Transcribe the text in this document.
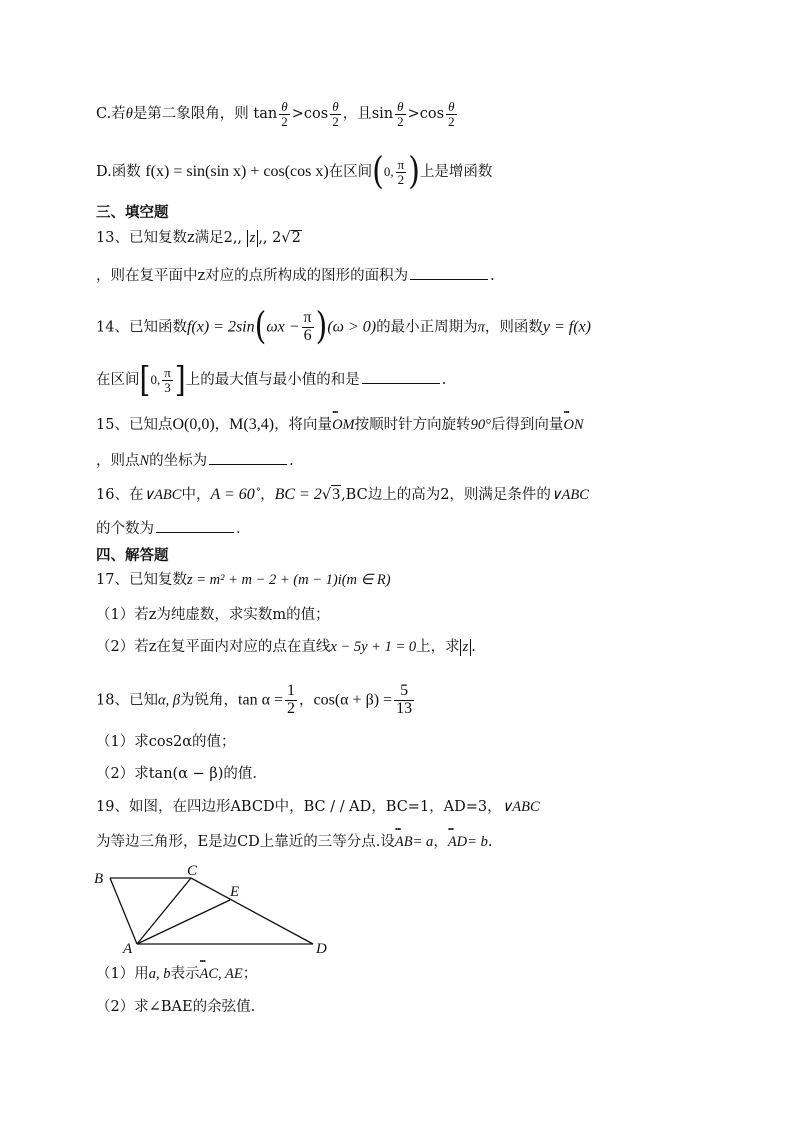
C.若θ是第二象限角，则 $\tan \frac{\theta}{2} >\cos \frac{\theta}{2}$ ，且$\sin \frac{\theta}{2} >\cos \frac{\theta}{2}$
D.函数 f(x) = sin(sin x) + cos(cos x)在区间(0, $\frac{\pi}{2}$ )上是增函数
三、填空题
13、已知复数z满足2,, z ,, 2√2
，则在复平面中z对应的点所构成的图形的面积为	.
14、已知函数$f(x) = 2\sin(\omega x - \frac{\pi}{6} )(\omega > 0)$的最小正周期为π，则函数y = f(x)
在区间[0, $\frac{\pi}{3}$ ]上的最大值与最小值的和是	.
15、已知点O(0,0)，M(3,4)，将向量••• OM按顺时针方向旋转90°后得到向量••• ON
，则点N的坐标为	.
16、在∨ABC中，A = 60˚，BC = 2√3,BC边上的高为2，则满足条件的∨ABC
的个数为	.
四、解答题
17、已知复数z = m² + m − 2 + (m − 1)i(m ∈ R)
（1）若z为纯虚数，求实数m的值；
（2）若z在复平面内对应的点在直线x − 5y + 1 = 0上，求 z .
18、已知α, β为锐角，$\tan \alpha = \frac{1}{2}$ ，$\cos(\alpha + \beta) = \frac{5}{13}$
（1）求cos2α的值；
（2）求tan(α − β)的值.
19、如图，在四边形ABCD中，BC / / AD，BC=1，AD=3，∨ABC
为等边三角形，E是边CD上靠近的三等分点.设••• AB= a，••• AD= b.
B	C
E
A	D
（1）用a, b表示••• AC, AE；
（2）求∠BAE的余弦值.
